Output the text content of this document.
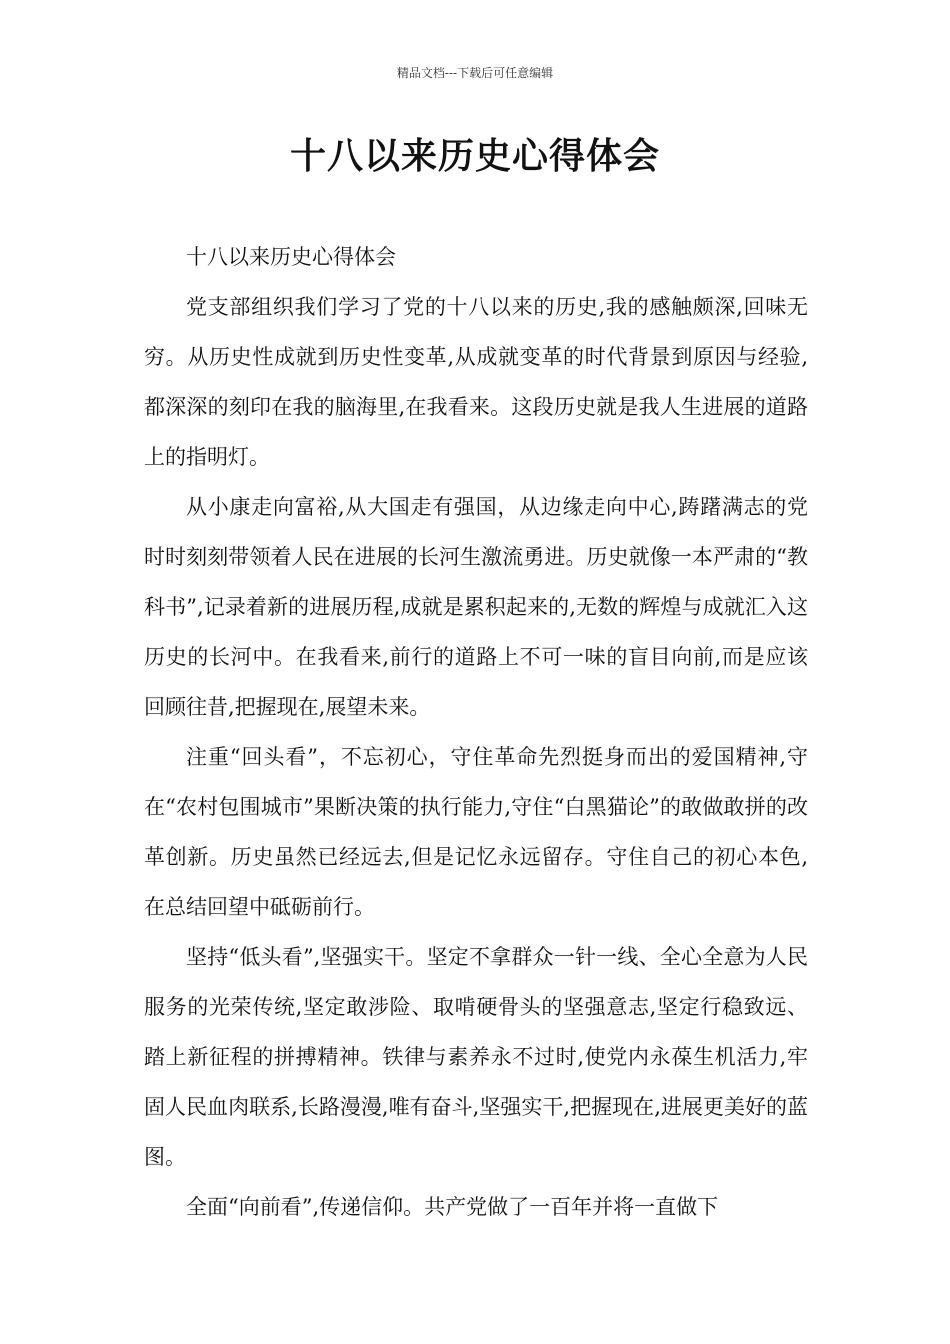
精品文档---下载后可任意编辑
十八以来历史心得体会

十八以来历史心得体会

党支部组织我们学习了党的十八以来的历史,我的感触颇深,回味无穷。从历史性成就到历史性变革,从成就变革的时代背景到原因与经验,都深深的刻印在我的脑海里,在我看来。这段历史就是我人生进展的道路上的指明灯。

从小康走向富裕,从大国走有强国，从边缘走向中心,踌躇满志的党时时刻刻带领着人民在进展的长河生激流勇进。历史就像一本严肃的“教科书”,记录着新的进展历程,成就是累积起来的,无数的辉煌与成就汇入这历史的长河中。在我看来,前行的道路上不可一味的盲目向前,而是应该回顾往昔,把握现在,展望未来。

注重“回头看”，不忘初心，守住革命先烈挺身而出的爱国精神,守在“农村包围城市”果断决策的执行能力,守住“白黑猫论”的敢做敢拼的改革创新。历史虽然已经远去,但是记忆永远留存。守住自己的初心本色,在总结回望中砥砺前行。

坚持“低头看”,坚强实干。坚定不拿群众一针一线、全心全意为人民服务的光荣传统,坚定敢涉险、取啃硬骨头的坚强意志,坚定行稳致远、踏上新征程的拼搏精神。铁律与素养永不过时,使党内永葆生机活力,牢固人民血肉联系,长路漫漫,唯有奋斗,坚强实干,把握现在,进展更美好的蓝图。

全面“向前看”,传递信仰。共产党做了一百年并将一直做下
